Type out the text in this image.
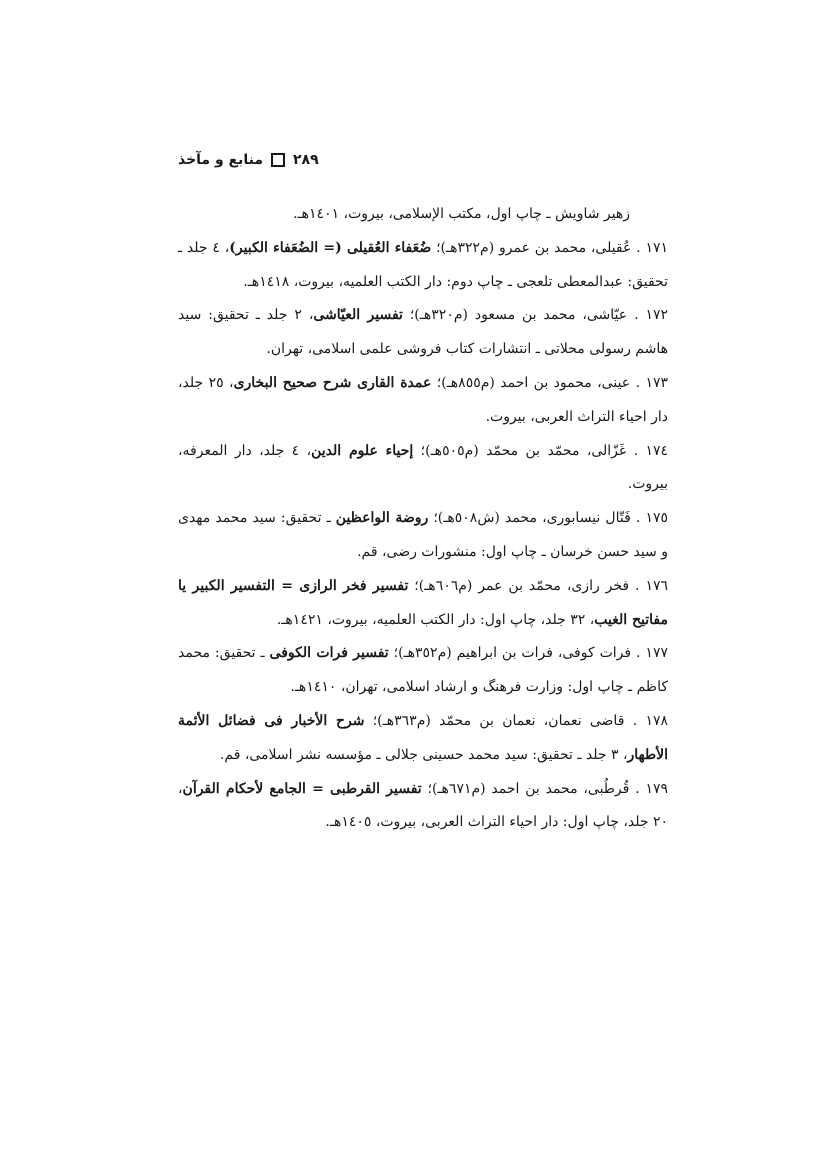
منابع و مآخذ ٢٨٩

زهیر شاویش ـ چاپ اول، مکتب الإسلامی، بیروت، ١٤٠١هـ.

١٧١ . عُقیلی، محمد بن عمرو (م٣٢٢هـ)؛ ضُعَفاء العُقیلی (= الضُعَفاء الکبیر)، ٤ جلد ـ تحقیق: عبدالمعطی تلعجی ـ چاپ دوم: دار الکتب العلمیه، بیروت، ١٤١٨هـ.

١٧٢ . عیّاشی، محمد بن مسعود (م٣٢٠هـ)؛ تفسیر العیّاشی، ٢ جلد ـ تحقیق: سید هاشم رسولی محلاتی ـ انتشارات کتاب فروشی علمی اسلامی، تهران.

١٧٣ . عینی، محمود بن احمد (م٨٥٥هـ)؛ عمدة القاری شرح صحیح البخاری، ٢٥ جلد، دار احیاء التراث العربی، بیروت.

١٧٤ . غَزّالی، محمّد بن محمّد (م٥٠٥هـ)؛ إحیاء علوم الدین، ٤ جلد، دار المعرفه، بیروت.

١٧٥ . فَتّال نیسابوری، محمد (ش٥٠٨هـ)؛ روضة الواعظین ـ تحقیق: سید محمد مهدی و سید حسن خرسان ـ چاپ اول: منشورات رضی، قم.

١٧٦ . فخر رازی، محمّد بن عمر (م٦٠٦هـ)؛ تفسیر فخر الرازی = التفسیر الکبیر یا مفاتیح الغیب، ٣٢ جلد، چاپ اول: دار الکتب العلمیه، بیروت، ١٤٢١هـ.

١٧٧ . فرات کوفی، فرات بن ابراهیم (م٣٥٢هـ)؛ تفسیر فرات الکوفی ـ تحقیق: محمد کاظم ـ چاپ اول: وزارت فرهنگ و ارشاد اسلامی، تهران، ١٤١٠هـ.

١٧٨ . قاضی نعمان، نعمان بن محمّد (م٣٦٣هـ)؛ شرح الأخبار فی فضائل الأئمة الأطهار، ٣ جلد ـ تحقیق: سید محمد حسینی جلالی ـ مؤسسه نشر اسلامی، قم.

١٧٩ . قُرطُبی، محمد بن احمد (م٦٧١هـ)؛ تفسیر القرطبی = الجامع لأحکام القرآن، ٢٠ جلد، چاپ اول: دار احیاء التراث العربی، بیروت، ١٤٠٥هـ.
